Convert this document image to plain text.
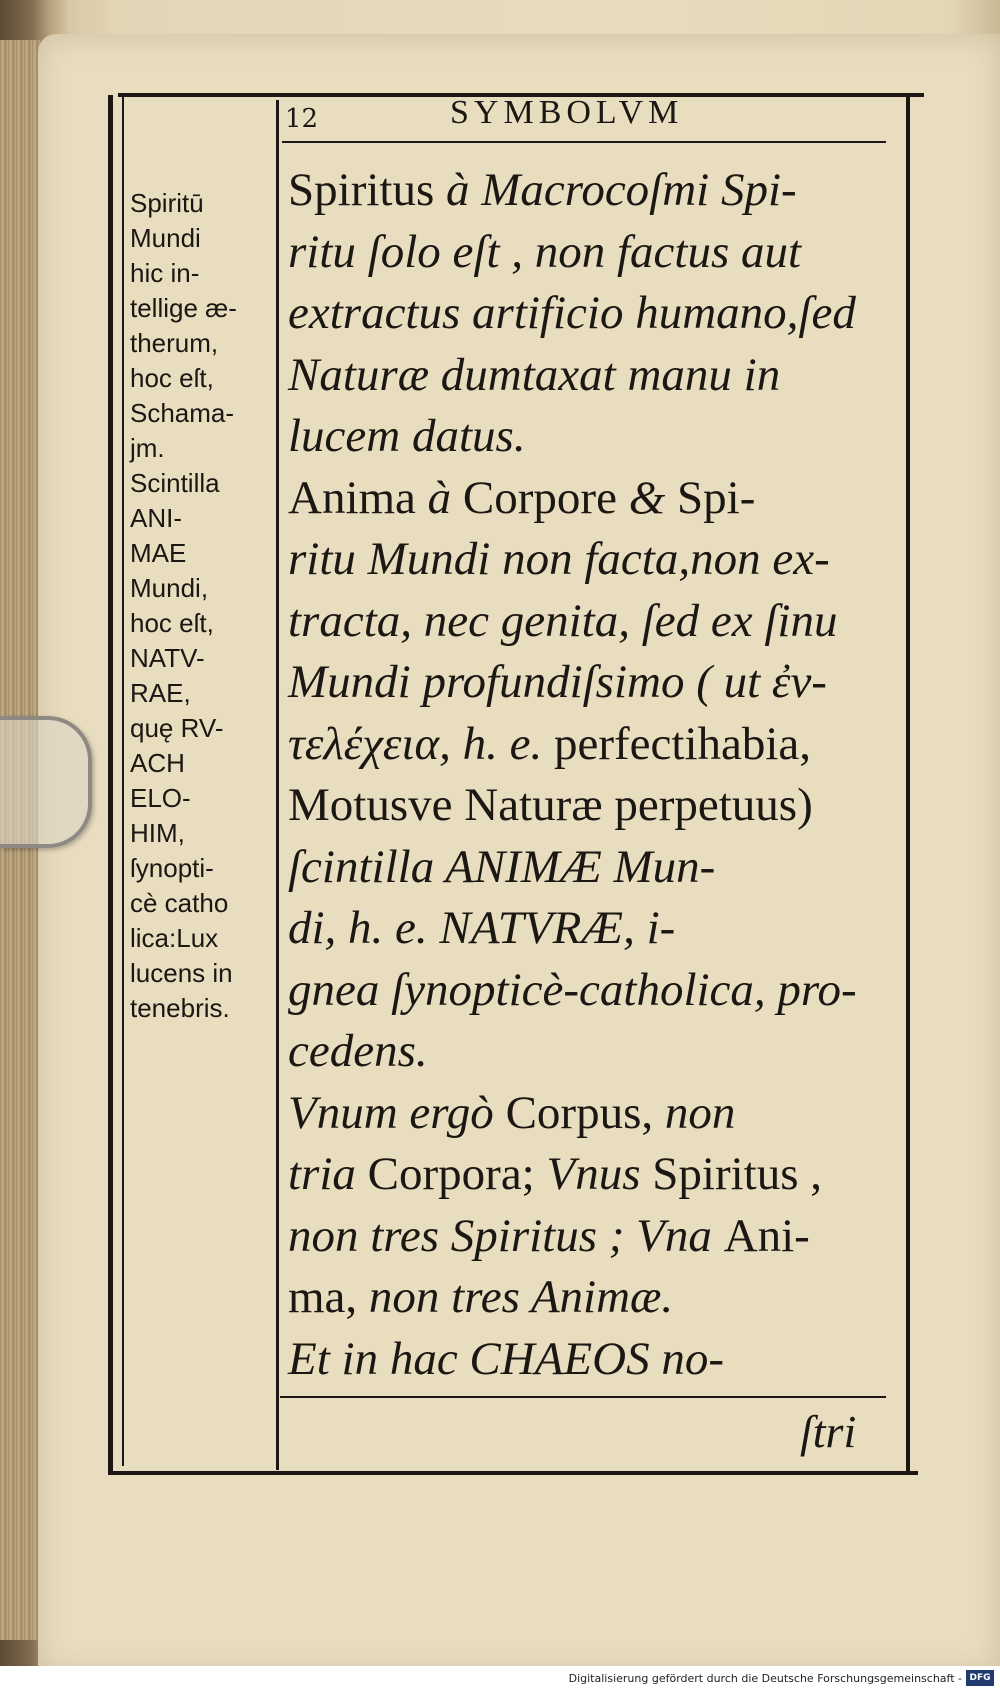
12	SYMBOLVM
Spiritū
Mundi
hic in-
tellige æ-
therum,
hoc eſt,
Schama-
jm.
Scintilla
ANI-
MAE
Mundi,
hoc eſt,
NATV-
RAE,
quę RV-
ACH
ELO-
HIM,
ſynopti-
cè catho
lica:Lux
lucens in
tenebris.
Spiritus à Macrocoſmi Spi-
ritu ſolo eſt , non factus aut
extractus artificio humano,ſed
Naturæ dumtaxat manu in
lucem datus.
Anima à Corpore & Spi-
ritu Mundi non facta,non ex-
tracta, nec genita, ſed ex ſinu
Mundi profundiſsimo ( ut ἐν-
τελέχεια, h. e. perfectihabia,
Motusve Naturæ perpetuus)
ſcintilla ANIMÆ Mun-
di, h. e. NATVRÆ, i-
gnea ſynopticè-catholica, pro-
cedens.
Vnum ergò Corpus, non
tria Corpora; Vnus Spiritus ,
non tres Spiritus ; Vna Ani-
ma, non tres Animæ.
Et in hac CHAEOS no-
ſtri
Digitalisierung gefördert durch die Deutsche Forschungsgemeinschaft - DFG
